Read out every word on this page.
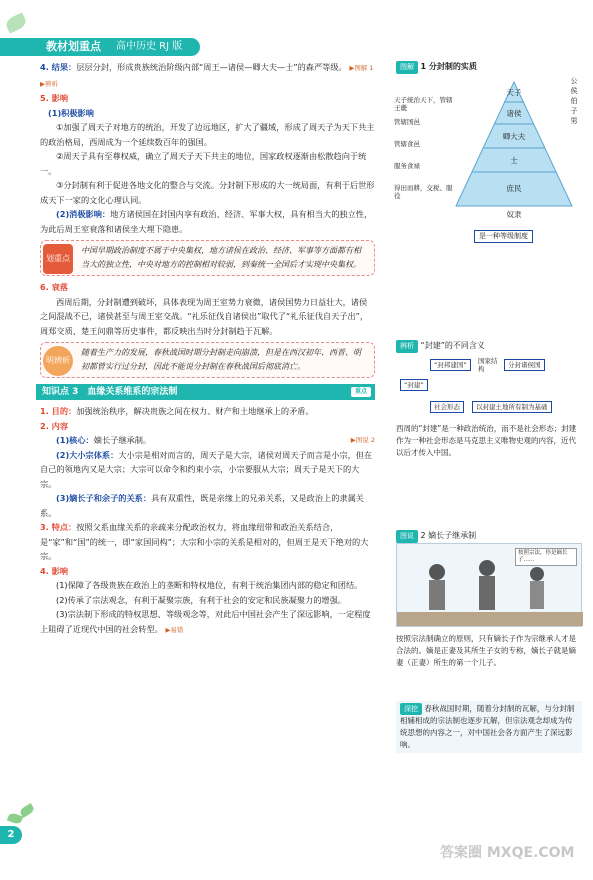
教材划重点 高中历史 RJ 版

4. 结果：层层分封，形成贵族统治阶级内部“周王—诸侯—卿大夫—士”的森严等级。 ▶图解 1 ▶辨析

5. 影响
(1)积极影响

①加强了周天子对地方的统治，开发了边远地区，扩大了疆域，形成了周天子为天下共主的政治格局，西周成为一个延续数百年的强国。

②周天子具有至尊权威，确立了周天子天下共主的地位，国家政权逐渐由松散趋向于统一。

③分封制有利于促进各地文化的整合与交流。分封制下形成的大一统局面，有利于后世形成天下一家的文化心理认同。

(2)消极影响：地方诸侯国在封国内享有政治、经济、军事大权，具有相当大的独立性，为此后周王室衰落和诸侯坐大埋下隐患。

划重点
中国早期政治制度不属于中央集权，地方诸侯在政治、经济、军事等方面都有相当大的独立性，中央对地方的控制相对较弱，到秦统一全国后才实现中央集权。
6. 衰落

西周后期，分封制遭到破坏，具体表现为周王室势力衰微，诸侯国势力日益壮大，诸侯之间混战不已，诸侯甚至与周王室交战。“礼乐征伐自诸侯出”取代了“礼乐征伐自天子出”，周郑交质、楚王问鼎等历史事件，都反映出当时分封制趋于瓦解。

明辨析
随着生产力的发展，春秋战国时期分封制走向崩溃，但是在西汉初年、西晋、明初都曾实行过分封，因此不能说分封制在春秋战国后彻底消亡。
知识点 3　血缘关系维系的宗法制	重点

1. 目的：加强统治秩序，解决贵族之间在权力、财产和土地继承上的矛盾。

2. 内容

(1)核心：嫡长子继承制。	▶图说 2

(2)大小宗体系：大小宗是相对而言的，周天子是大宗，诸侯对周天子而言是小宗，但在自己的领地内又是大宗；大宗可以命令和约束小宗，小宗要服从大宗；周天子是天下的大宗。

(3)嫡长子和余子的关系：具有双重性，既是亲缘上的兄弟关系，又是政治上的隶属关系。

3. 特点：按照父系血缘关系的亲疏来分配政治权力，将血缘纽带和政治关系结合，是“家”和“国”的统一，即“家国同构”；大宗和小宗的关系是相对的，但周王是天下绝对的大宗。

4. 影响

(1)保障了各级贵族在政治上的垄断和特权地位，有利于统治集团内部的稳定和团结。

(2)传承了宗法观念，有利于凝聚宗族，有利于社会的安定和民族凝聚力的增强。

(3)宗法制下形成的特权思想、等级观念等，对此后中国社会产生了深远影响，一定程度上阻碍了近现代中国的社会转型。 ▶易错

图解 1 分封制的实质
天子统治天下，管辖王畿
管辖国邑
管辖食邑
服务食禄
得田而耕，交税、服役
天子
诸侯
卿大夫
士
庶民
奴隶
公
侯
伯
子
男
是一种等级制度
辨析 “封建”的不同含义
“封建”
“封邦建国”	国家结构	分封诸侯国
社会形态	以封建土地所有制为基础

西周的“封建”是一种政治统治，而不是社会形态；封建作为一种社会形态是马克思主义唯物史观的内容，近代以后才传入中国。

图说 2 嫡长子继承制
按照宗法，你是嫡长子……

按照宗法制确立的原则，只有嫡长子作为宗继承人才是合法的。嫡是正妻及其所生子女的专称，嫡长子就是嫡妻（正妻）所生的第一个儿子。

深挖 春秋战国时期，随着分封制的瓦解，与分封制相辅相成的宗法制也逐步瓦解，但宗法观念却成为传统思想的内容之一，对中国社会各方面产生了深远影响。
2
答案圈 MXQE.COM
